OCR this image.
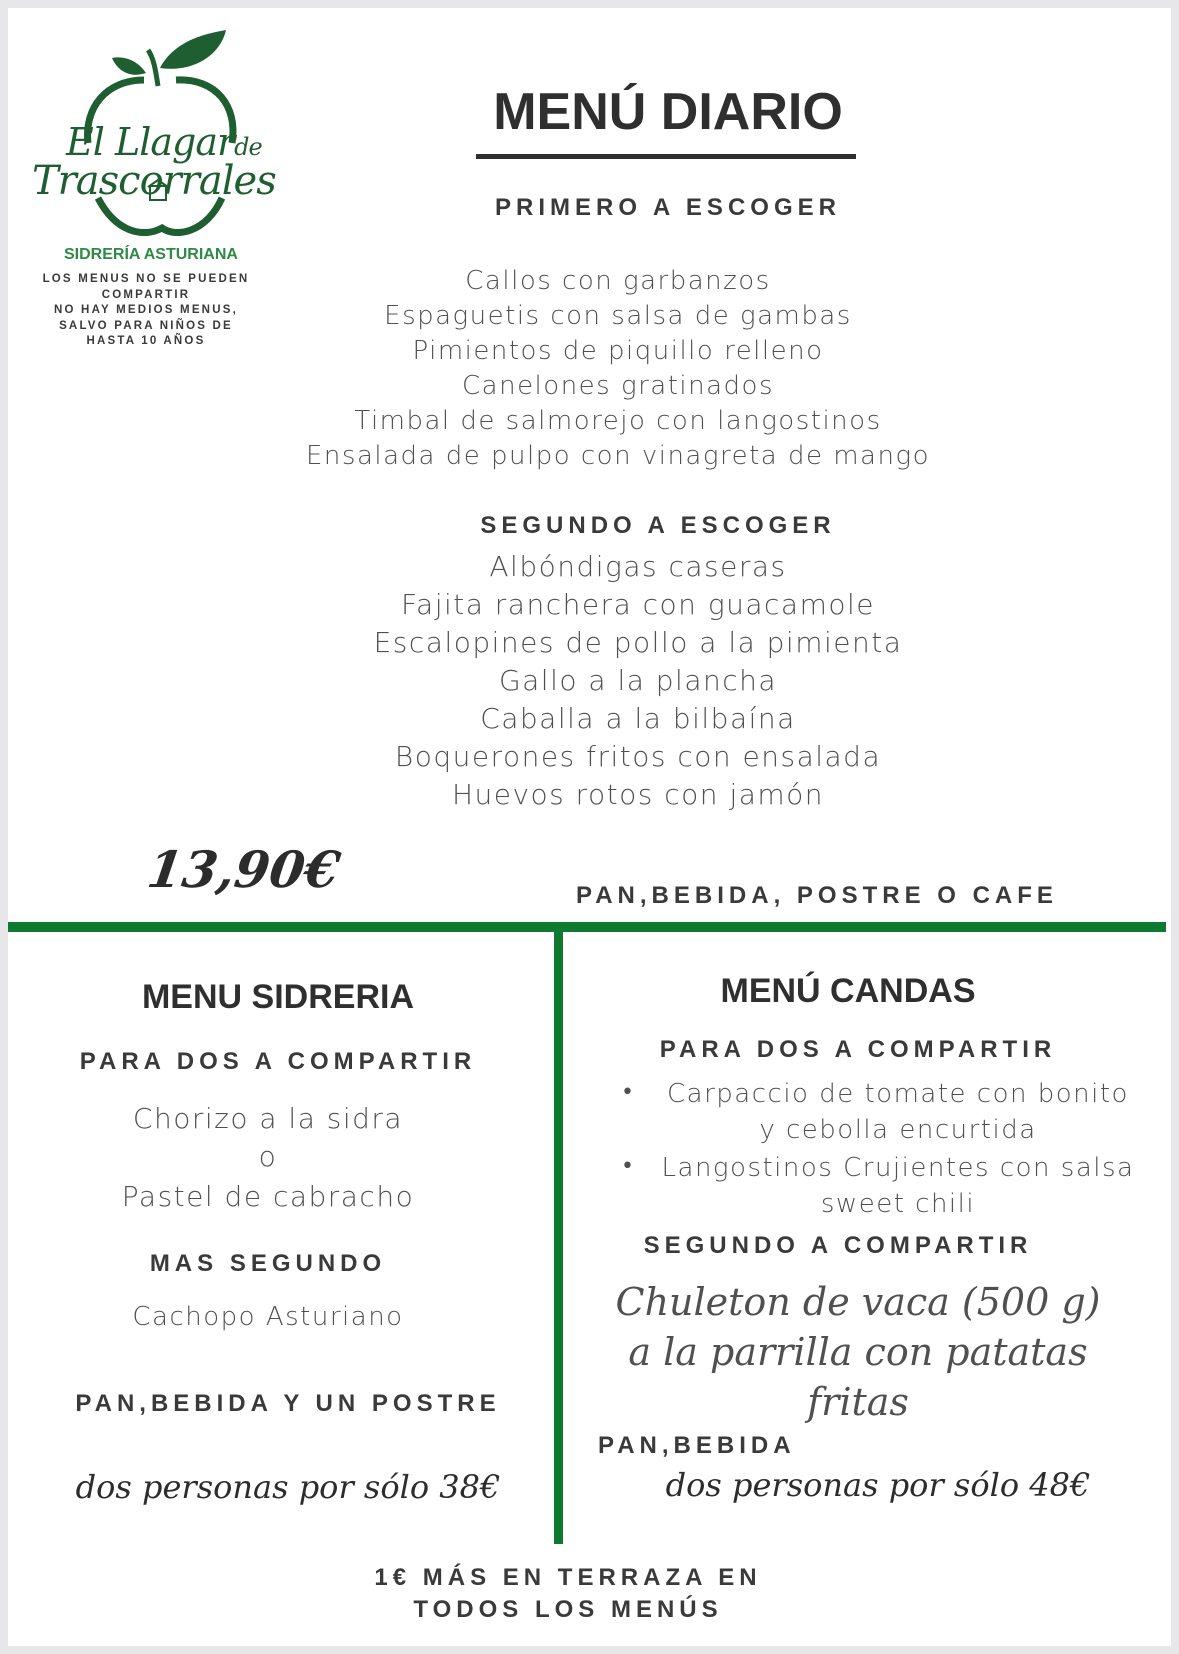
El Llagarde
Trascorrales
SIDRERÍA ASTURIANA
LOS MENUS NO SE PUEDEN
COMPARTIR
NO HAY MEDIOS MENUS,
SALVO PARA NIÑOS DE
HASTA 10 AÑOS
MENÚ DIARIO
PRIMERO A ESCOGER
Callos con garbanzos
Espaguetis con salsa de gambas
Pimientos de piquillo relleno
Canelones gratinados
Timbal de salmorejo con langostinos
Ensalada de pulpo con vinagreta de mango
SEGUNDO A ESCOGER
Albóndigas caseras
Fajita ranchera con guacamole
Escalopines de pollo a la pimienta
Gallo a la plancha
Caballa a la bilbaína
Boquerones fritos con ensalada
Huevos rotos con jamón
13,90€	PAN,BEBIDA, POSTRE O CAFE
MENU SIDRERIA
PARA DOS A COMPARTIR
Chorizo a la sidra
o
Pastel de cabracho
MAS SEGUNDO
Cachopo Asturiano
PAN,BEBIDA Y UN POSTRE
dos personas por sólo 38€
MENÚ CANDAS
PARA DOS A COMPARTIR
•	Carpaccio de tomate con bonito
y cebolla encurtida
•	Langostinos Crujientes con salsa
sweet chili
SEGUNDO A COMPARTIR
Chuleton de vaca (500 g)
a la parrilla con patatas
fritas
PAN,BEBIDA
dos personas por sólo 48€
1€ MÁS EN TERRAZA EN
TODOS LOS MENÚS
